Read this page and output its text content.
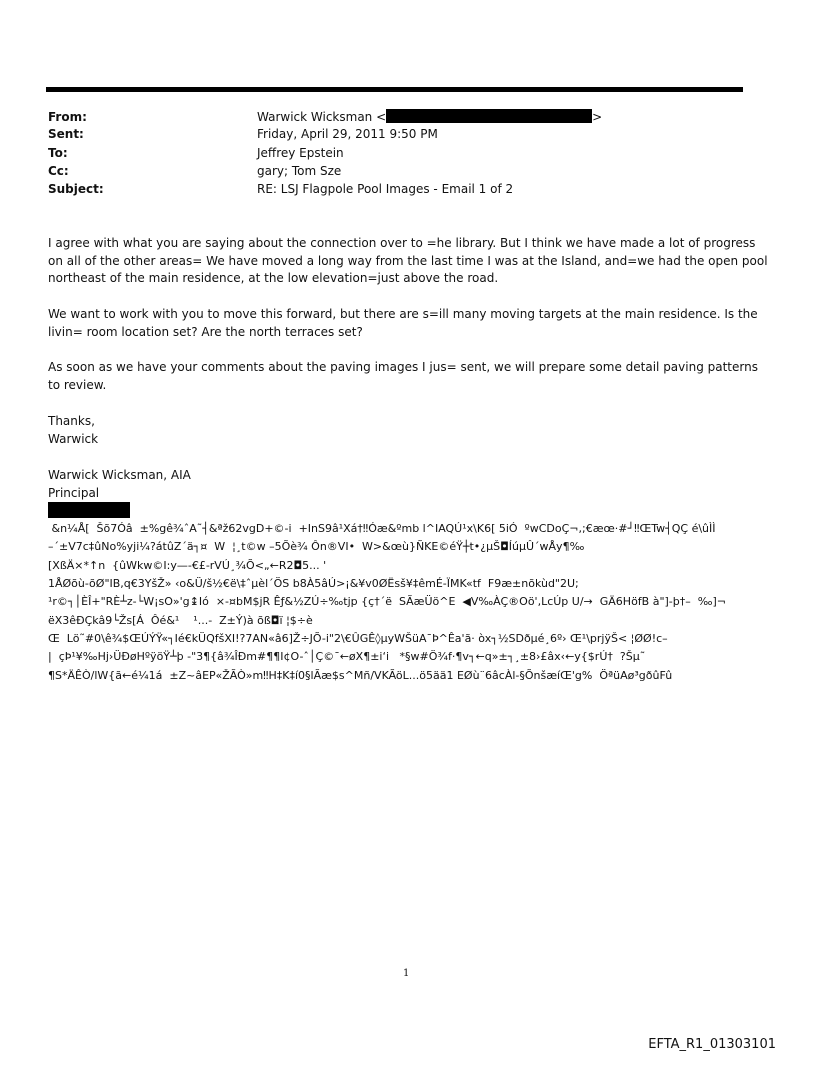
From:	Warwick Wicksman <	>
Sent:	Friday, April 29, 2011 9:50 PM
To:	Jeffrey Epstein
Cc:	gary; Tom Sze
Subject:	RE: LSJ Flagpole Pool Images - Email 1 of 2

I agree with what you are saying about the connection over to =he library. But I think we have made a lot of progress on all of the other areas= We have moved a long way from the last time I was at the Island, and=we had the open pool northeast of the main residence, at the low elevation=just above the road.

We want to work with you to move this forward, but there are s=ill many moving targets at the main residence. Is the livin= room location set? Are the north terraces set?

As soon as we have your comments about the paving images I jus= sent, we will prepare some detail paving patterns to review.

Thanks,
Warwick
Warwick Wicksman, AIA
Principal
&n¼Å[  Šõ7Óâ  ±%gê¾ˆA˜┤&ªž62vgD+©-i  +InS9â¹Xá†‼Óæ&ºmb l^IAQÚ¹x\K6[ 5iÓ  ºwCDoÇ¬,;€æœ·#┘‼ŒTw┤QÇ é\ûÌÌ
–´±V7c‡ûNo%yji¼?átûZ´ä┐¤  W  ¦¸t©w –5Õè¾ Ôn®VI•  W>&œù}ÑKE©éŸ┼t•¿µŠ◘ÍúµÛ´wÅy¶‰
[XßÄ×*↑n  {ûWkw©I:y—-€£-rVÚ¸¾Õ<„←R2◘5... '
1ÅØõù-õØ"IB,q€3YšŽ» ‹o&Ü/š½€ë\‡ˆµèl´ÖS b8À5âÚ>¡&¥v0ØËsš¥‡êmÉ-ÏMK«tf  F9æ±nõkùd"2U;
¹r©┐│ÈÎ+"RÈ┴z-└W¡sO»'g↨Ió  ×-¤bM$jR Êƒ&½ZÚ÷‰tjp {ç†´ë  SÃæÜö^E  ◀V‰ÀÇ®Oö',LcÚp U/→  GÄ6HöfB à"]-þ†–  ‰]¬
ëX3êÐÇkâ9└Žs[Á  Ôé&¹    ¹...-  Z±Ý)à õß◘ï ¦$÷è
Œ  Lö˜#0\ê¾$ŒÚÝŸ«┐Ié€kÜQfšXI!?7AN«â6]Ž÷JÕ-i"2\€ÛGÊ◊µyWŠüA¯Þ^Êa'ã· òx┐½SDðµé¸6º› Œ¹\prjÿŠ< ¦ØØ!c–
|  çÞ¹¥‰Hj›ÜÐøHºÿöŸ┴þ -"3¶{â¾ÎÐm#¶¶I¢O-ˆ│Ç©¯←øX¶±i‘i   *§w#Ö¾f·¶v┐←q»±┐¸±8›£âx‹←y{$rÚ†  ?Šµ˜
¶S*ÄÊÒ/lW{ã←é¼1á  ±Z~âEP«ŽÃÒ»m‼H‡K‡í0§lÃæ$s^Mñ/VKÃöL...ö5ää1 EØù¨6âcÀl-§ÕnšæíŒ'g%  ÖªüAø³gðûFû
1
EFTA_R1_01303101
